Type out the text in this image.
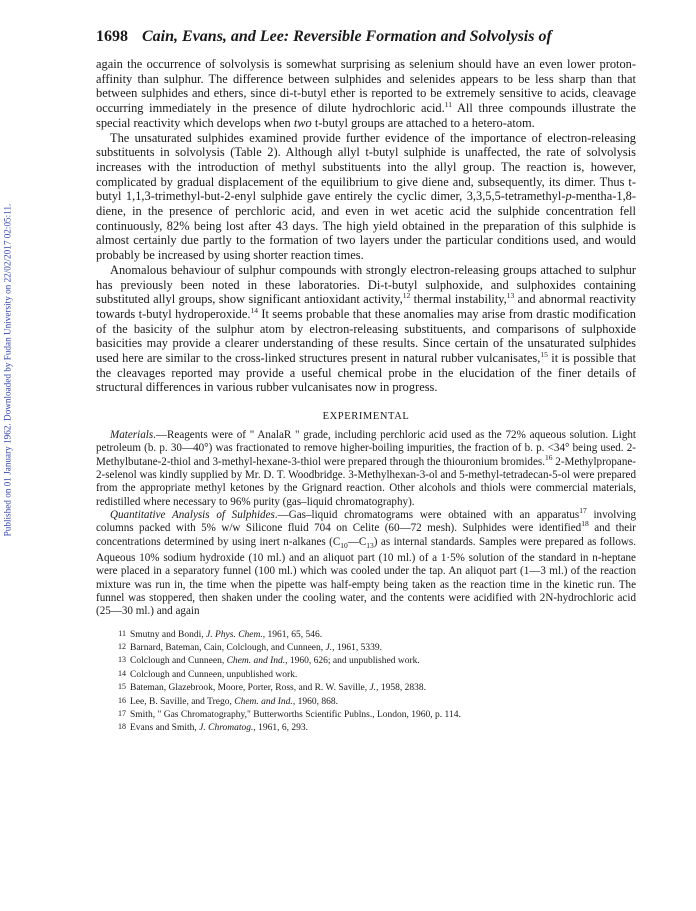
Published on 01 January 1962. Downloaded by Fudan University on 22/02/2017 02:05:11.
1698 Cain, Evans, and Lee: Reversible Formation and Solvolysis of

again the occurrence of solvolysis is somewhat surprising as selenium should have an even lower proton-affinity than sulphur. The difference between sulphides and selenides appears to be less sharp than that between sulphides and ethers, since di-t-butyl ether is reported to be extremely sensitive to acids, cleavage occurring immediately in the presence of dilute hydrochloric acid.$^{11}$ All three compounds illustrate the special reactivity which develops when two t-butyl groups are attached to a hetero-atom.

The unsaturated sulphides examined provide further evidence of the importance of electron-releasing substituents in solvolysis (Table 2). Although allyl t-butyl sulphide is unaffected, the rate of solvolysis increases with the introduction of methyl substituents into the allyl group. The reaction is, however, complicated by gradual displacement of the equilibrium to give diene and, subsequently, its dimer. Thus t-butyl 1,1,3-trimethyl-but-2-enyl sulphide gave entirely the cyclic dimer, 3,3,5,5-tetramethyl-p-mentha-1,8-diene, in the presence of perchloric acid, and even in wet acetic acid the sulphide concentration fell continuously, 82% being lost after 43 days. The high yield obtained in the preparation of this sulphide is almost certainly due partly to the formation of two layers under the particular conditions used, and would probably be increased by using shorter reaction times.

Anomalous behaviour of sulphur compounds with strongly electron-releasing groups attached to sulphur has previously been noted in these laboratories. Di-t-butyl sulphoxide, and sulphoxides containing substituted allyl groups, show significant antioxidant activity,$^{12}$ thermal instability,$^{13}$ and abnormal reactivity towards t-butyl hydroperoxide.$^{14}$ It seems probable that these anomalies may arise from drastic modification of the basicity of the sulphur atom by electron-releasing substituents, and comparisons of sulphoxide basicities may provide a clearer understanding of these results. Since certain of the unsaturated sulphides used here are similar to the cross-linked structures present in natural rubber vulcanisates,$^{15}$ it is possible that the cleavages reported may provide a useful chemical probe in the elucidation of the finer details of structural differences in various rubber vulcanisates now in progress.

EXPERIMENTAL

Materials.—Reagents were of " AnalaR " grade, including perchloric acid used as the 72% aqueous solution. Light petroleum (b. p. 30—40°) was fractionated to remove higher-boiling impurities, the fraction of b. p. <34° being used. 2-Methylbutane-2-thiol and 3-methyl-hexane-3-thiol were prepared through the thiouronium bromides.$^{16}$ 2-Methylpropane-2-selenol was kindly supplied by Mr. D. T. Woodbridge. 3-Methylhexan-3-ol and 5-methyl-tetradecan-5-ol were prepared from the appropriate methyl ketones by the Grignard reaction. Other alcohols and thiols were commercial materials, redistilled where necessary to 96% purity (gas–liquid chromatography).

Quantitative Analysis of Sulphides.—Gas–liquid chromatograms were obtained with an apparatus$^{17}$ involving columns packed with 5% w/w Silicone fluid 704 on Celite (60—72 mesh). Sulphides were identified$^{18}$ and their concentrations determined by using inert n-alkanes $(C_{10}—C_{13})$ as internal standards. Samples were prepared as follows. Aqueous 10% sodium hydroxide (10 ml.) and an aliquot part (10 ml.) of a 1·5% solution of the standard in n-heptane were placed in a separatory funnel (100 ml.) which was cooled under the tap. An aliquot part (1—3 ml.) of the reaction mixture was run in, the time when the pipette was half-empty being taken as the reaction time in the kinetic run. The funnel was stoppered, then shaken under the cooling water, and the contents were acidified with 2N-hydrochloric acid (25—30 ml.) and again

11 Smutny and Bondi, J. Phys. Chem., 1961, 65, 546.
12 Barnard, Bateman, Cain, Colclough, and Cunneen, J., 1961, 5339.
13 Colclough and Cunneen, Chem. and Ind., 1960, 626; and unpublished work.
14 Colclough and Cunneen, unpublished work.
15 Bateman, Glazebrook, Moore, Porter, Ross, and R. W. Saville, J., 1958, 2838.
16 Lee, B. Saville, and Trego, Chem. and Ind., 1960, 868.
17 Smith, " Gas Chromatography," Butterworths Scientific Publns., London, 1960, p. 114.
18 Evans and Smith, J. Chromatog., 1961, 6, 293.
